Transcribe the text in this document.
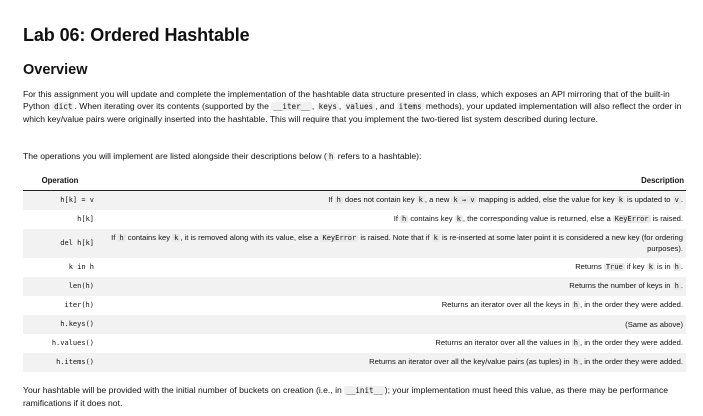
Lab 06: Ordered Hashtable
Overview

For this assignment you will update and complete the implementation of the hashtable data structure presented in class, which exposes an API mirroring that of the built-in Python dict . When iterating over its contents (supported by the __iter__ , keys , values , and items methods), your updated implementation will also reflect the order in which key/value pairs were originally inserted into the hashtable. This will require that you implement the two-tiered list system described during lecture.

The operations you will implement are listed alongside their descriptions below ( h refers to a hashtable):

Operation	Description
h[k] = v	If h does not contain key k , a new k → v mapping is added, else the value for key k is updated to v .
h[k]	If h contains key k , the corresponding value is returned, else a KeyError is raised.
del h[k]	If h contains key k , it is removed along with its value, else a KeyError is raised. Note that if k is re-inserted at some later point it is considered a new key (for ordering purposes).
k in h	Returns True if key k is in h .
len(h)	Returns the number of keys in h .
iter(h)	Returns an iterator over all the keys in h , in the order they were added.
h.keys()	(Same as above)
h.values()	Returns an iterator over all the values in h , in the order they were added.
h.items()	Returns an iterator over all the key/value pairs (as tuples) in h , in the order they were added.

Your hashtable will be provided with the initial number of buckets on creation (i.e., in __init__ ); your implementation must heed this value, as there may be performance ramifications if it does not.
